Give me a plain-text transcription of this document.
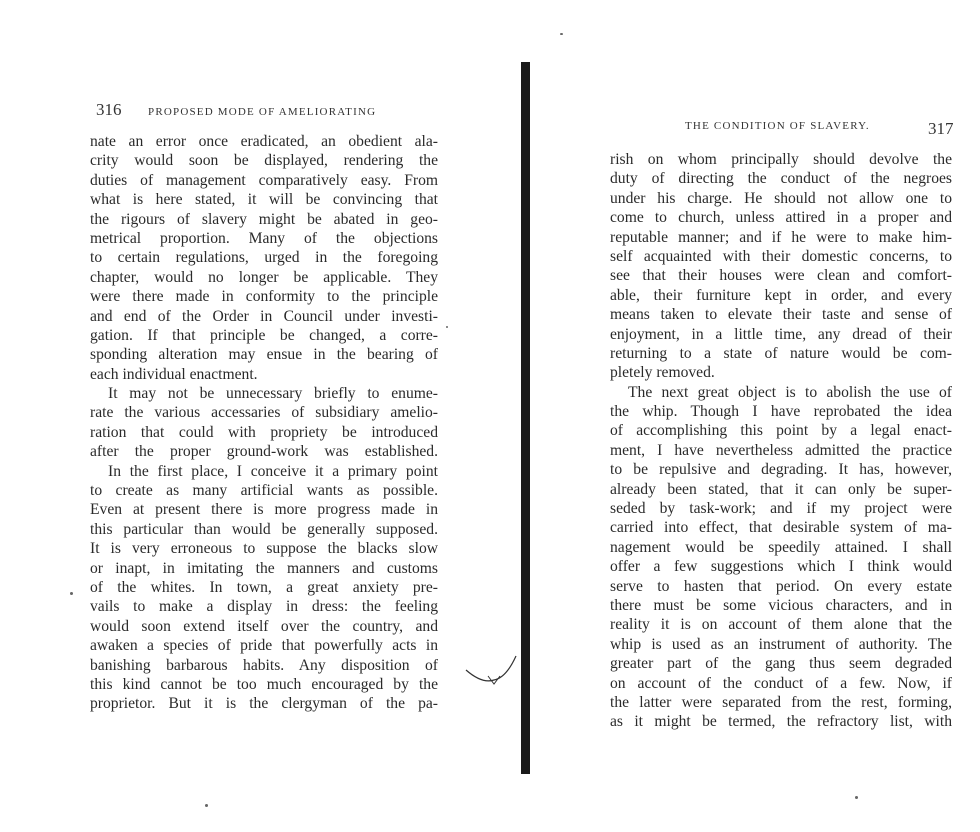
316 PROPOSED MODE OF AMELIORATING
nate an error once eradicated, an obedient ala-
crity would soon be displayed, rendering the
duties of management comparatively easy. From
what is here stated, it will be convincing that
the rigours of slavery might be abated in geo-
metrical proportion. Many of the objections
to certain regulations, urged in the foregoing
chapter, would no longer be applicable. They
were there made in conformity to the principle
and end of the Order in Council under investi-
gation. If that principle be changed, a corre-
sponding alteration may ensue in the bearing of
each individual enactment.
It may not be unnecessary briefly to enume-
rate the various accessaries of subsidiary amelio-
ration that could with propriety be introduced
after the proper ground-work was established.
In the first place, I conceive it a primary point
to create as many artificial wants as possible.
Even at present there is more progress made in
this particular than would be generally supposed.
It is very erroneous to suppose the blacks slow
or inapt, in imitating the manners and customs
of the whites. In town, a great anxiety pre-
vails to make a display in dress: the feeling
would soon extend itself over the country, and
awaken a species of pride that powerfully acts in
banishing barbarous habits. Any disposition of
this kind cannot be too much encouraged by the
proprietor. But it is the clergyman of the pa-
THE CONDITION OF SLAVERY.	317
rish on whom principally should devolve the
duty of directing the conduct of the negroes
under his charge. He should not allow one to
come to church, unless attired in a proper and
reputable manner; and if he were to make him-
self acquainted with their domestic concerns, to
see that their houses were clean and comfort-
able, their furniture kept in order, and every
means taken to elevate their taste and sense of
enjoyment, in a little time, any dread of their
returning to a state of nature would be com-
pletely removed.
The next great object is to abolish the use of
the whip. Though I have reprobated the idea
of accomplishing this point by a legal enact-
ment, I have nevertheless admitted the practice
to be repulsive and degrading. It has, however,
already been stated, that it can only be super-
seded by task-work; and if my project were
carried into effect, that desirable system of ma-
nagement would be speedily attained. I shall
offer a few suggestions which I think would
serve to hasten that period. On every estate
there must be some vicious characters, and in
reality it is on account of them alone that the
whip is used as an instrument of authority. The
greater part of the gang thus seem degraded
on account of the conduct of a few. Now, if
the latter were separated from the rest, forming,
as it might be termed, the refractory list, with
